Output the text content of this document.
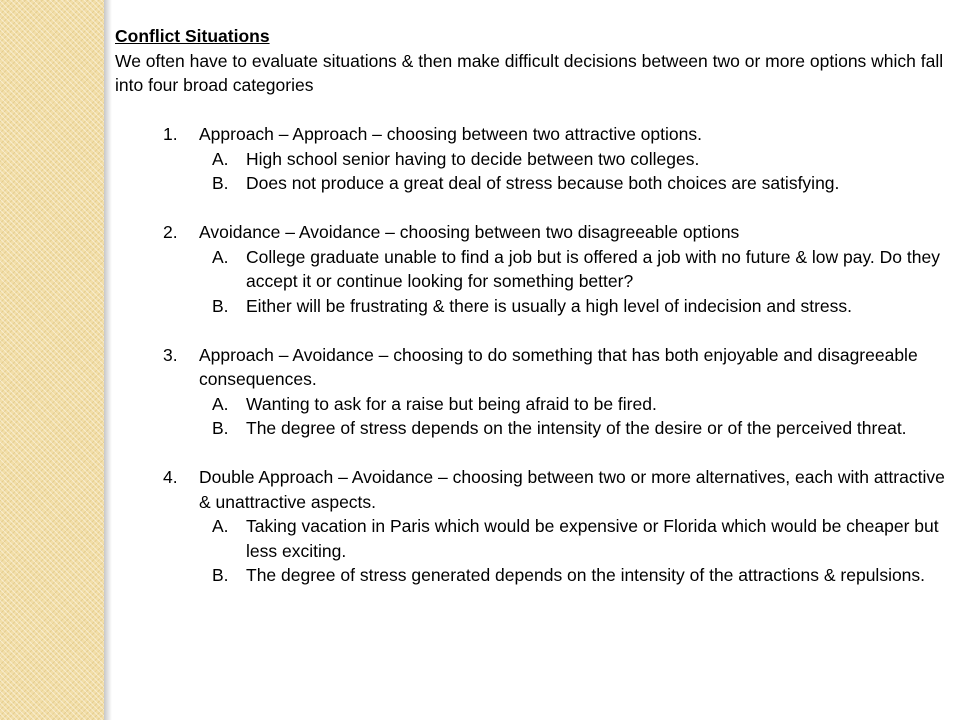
Conflict Situations
We often have to evaluate situations & then make difficult decisions between two or more options which fall into four broad categories
1. Approach – Approach – choosing between two attractive options.
A. High school senior having to decide between two colleges.
B. Does not produce a great deal of stress because both choices are satisfying.
2. Avoidance – Avoidance – choosing between two disagreeable options
A. College graduate unable to find a job but is offered a job with no future & low pay. Do they accept it or continue looking for something better?
B. Either will be frustrating & there is usually a high level of indecision and stress.
3. Approach – Avoidance – choosing to do something that has both enjoyable and disagreeable consequences.
A. Wanting to ask for a raise but being afraid to be fired.
B. The degree of stress depends on the intensity of the desire or of the perceived threat.
4. Double Approach – Avoidance – choosing between two or more alternatives, each with attractive & unattractive aspects.
A. Taking vacation in Paris which would be expensive or Florida which would be cheaper but less exciting.
B. The degree of stress generated depends on the intensity of the attractions & repulsions.
